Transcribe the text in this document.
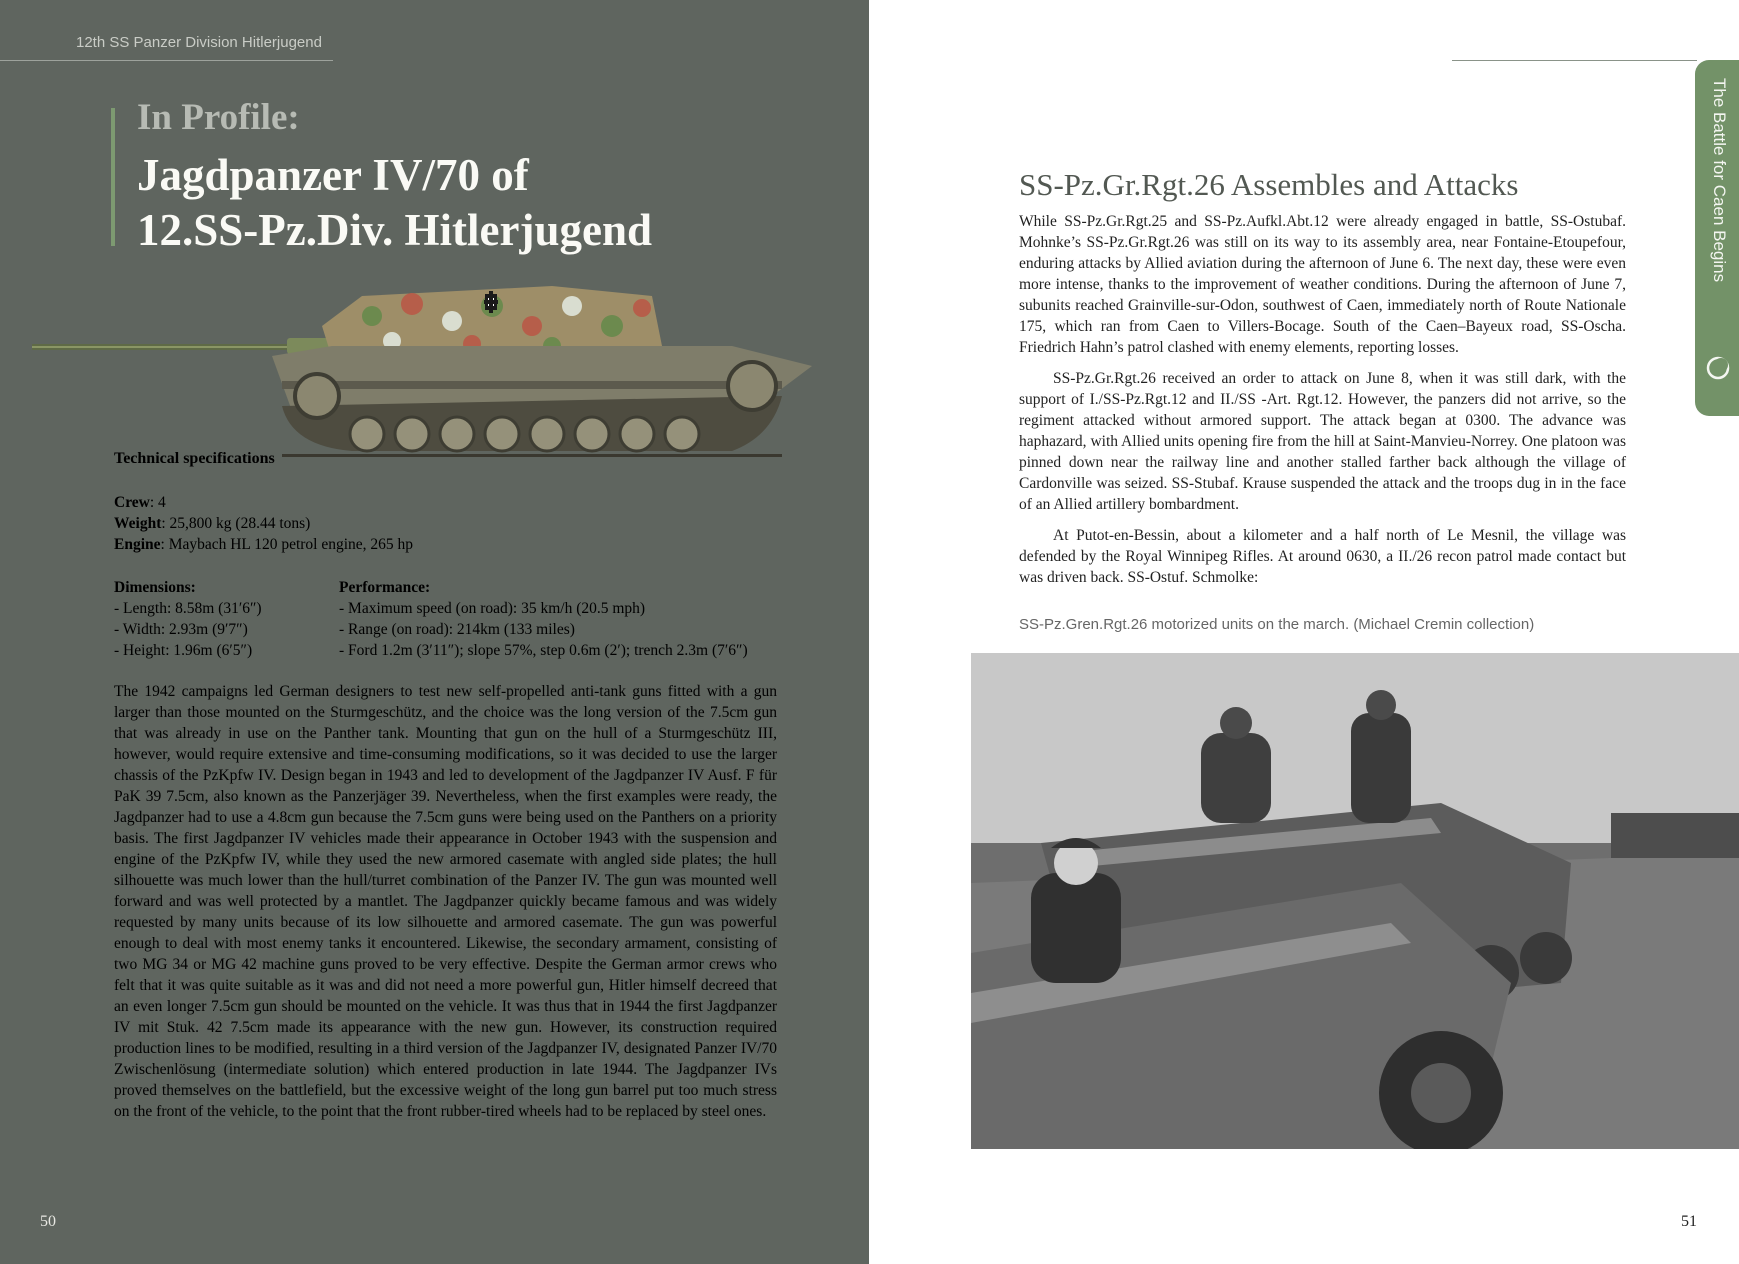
12th SS Panzer Division Hitlerjugend
In Profile:
Jagdpanzer IV/70 of
12.SS-Pz.Div. Hitlerjugend
Technical specifications
Crew: 4
Weight: 25,800 kg (28.44 tons)
Engine: Maybach HL 120 petrol engine, 265 hp
Dimensions:
- Length: 8.58m (31′6″)
- Width: 2.93m (9′7″)
- Height: 1.96m (6′5″)
Performance:
- Maximum speed (on road): 35 km/h (20.5 mph)
- Range (on road): 214km (133 miles)
- Ford 1.2m (3′11″); slope 57%, step 0.6m (2′); trench 2.3m (7′6″)
The 1942 campaigns led German designers to test new self-propelled anti-tank guns fitted with a gun larger than those mounted on the Sturmgeschütz, and the choice was the long version of the 7.5cm gun that was already in use on the Panther tank. Mounting that gun on the hull of a Sturmgeschütz III, however, would require extensive and time-consuming modifications, so it was decided to use the larger chassis of the PzKpfw IV. Design began in 1943 and led to development of the Jagdpanzer IV Ausf. F für PaK 39 7.5cm, also known as the Panzerjäger 39. Nevertheless, when the first examples were ready, the Jagdpanzer had to use a 4.8cm gun because the 7.5cm guns were being used on the Panthers on a priority basis. The first Jagdpanzer IV vehicles made their appearance in October 1943 with the suspension and engine of the PzKpfw IV, while they used the new armored casemate with angled side plates; the hull silhouette was much lower than the hull/turret combination of the Panzer IV. The gun was mounted well forward and was well protected by a mantlet. The Jagdpanzer quickly became famous and was widely requested by many units because of its low silhouette and armored casemate. The gun was powerful enough to deal with most enemy tanks it encountered. Likewise, the secondary armament, consisting of two MG 34 or MG 42 machine guns proved to be very effective. Despite the German armor crews who felt that it was quite suitable as it was and did not need a more powerful gun, Hitler himself decreed that an even longer 7.5cm gun should be mounted on the vehicle. It was thus that in 1944 the first Jagdpanzer IV mit Stuk. 42 7.5cm made its appearance with the new gun. However, its construction required production lines to be modified, resulting in a third version of the Jagdpanzer IV, designated Panzer IV/70 Zwischenlösung (intermediate solution) which entered production in late 1944. The Jagdpanzer IVs proved themselves on the battlefield, but the excessive weight of the long gun barrel put too much stress on the front of the vehicle, to the point that the front rubber-tired wheels had to be replaced by steel ones.
50
The Battle for Caen Begins
SS-Pz.Gr.Rgt.26 Assembles and Attacks

While SS-Pz.Gr.Rgt.25 and SS-Pz.Aufkl.Abt.12 were already engaged in battle, SS-Ostubaf. Mohnke’s SS-Pz.Gr.Rgt.26 was still on its way to its assembly area, near Fontaine-Etoupefour, enduring attacks by Allied aviation during the afternoon of June 6. The next day, these were even more intense, thanks to the improvement of weather conditions. During the afternoon of June 7, subunits reached Grainville-sur-Odon, southwest of Caen, immediately north of Route Nationale 175, which ran from Caen to Villers-Bocage. South of the Caen–Bayeux road, SS-Oscha. Friedrich Hahn’s patrol clashed with enemy elements, reporting losses.

SS-Pz.Gr.Rgt.26 received an order to attack on June 8, when it was still dark, with the support of I./SS-Pz.Rgt.12 and II./SS -Art. Rgt.12. However, the panzers did not arrive, so the regiment attacked without armored support. The attack began at 0300. The advance was haphazard, with Allied units opening fire from the hill at Saint-Manvieu-Norrey. One platoon was pinned down near the railway line and another stalled farther back although the village of Cardonville was seized. SS-Stubaf. Krause suspended the attack and the troops dug in in the face of an Allied artillery bombardment.

At Putot-en-Bessin, about a kilometer and a half north of Le Mesnil, the village was defended by the Royal Winnipeg Rifles. At around 0630, a II./26 recon patrol made contact but was driven back. SS-Ostuf. Schmolke:

SS-Pz.Gren.Rgt.26 motorized units on the march. (Michael Cremin collection)
51
